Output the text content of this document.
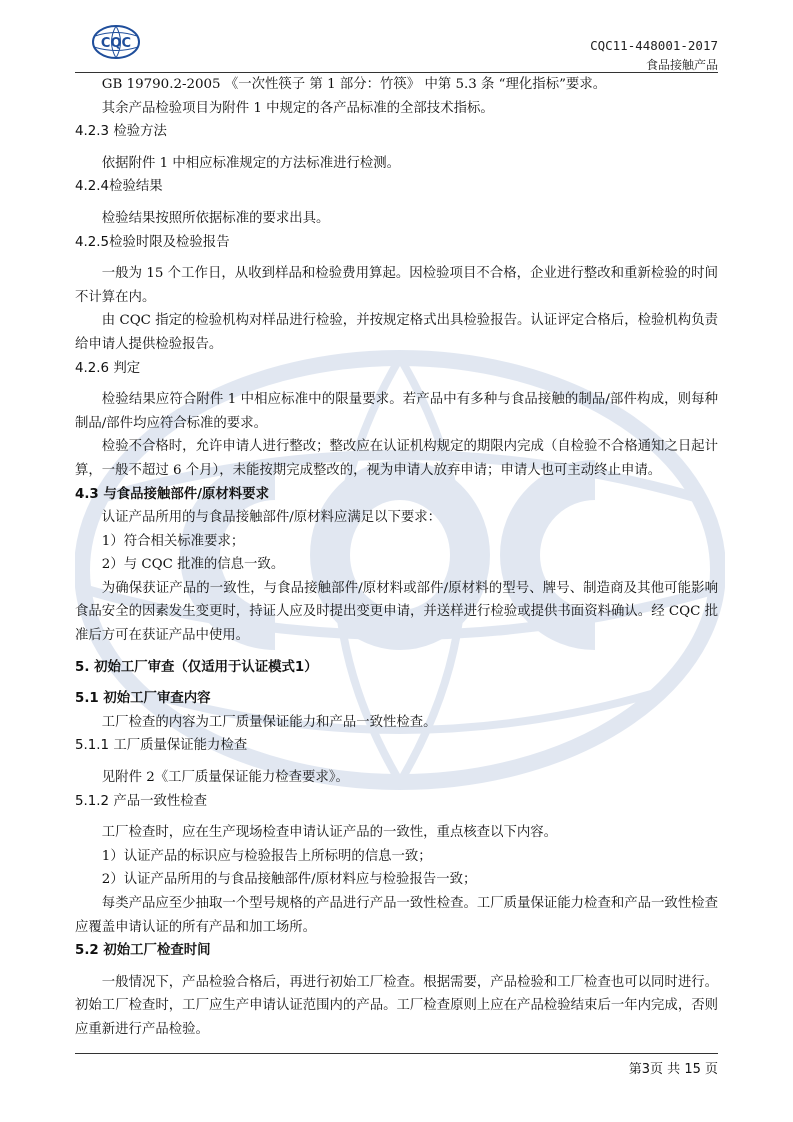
CQC	CQC11-448001-2017
食品接触产品

GB 19790.2-2005 《一次性筷子 第 1 部分：竹筷》 中第 5.3 条 “理化指标”要求。

其余产品检验项目为附件 1 中规定的各产品标准的全部技术指标。

4.2.3 检验方法

依据附件 1 中相应标准规定的方法标准进行检测。

4.2.4检验结果

检验结果按照所依据标准的要求出具。

4.2.5检验时限及检验报告

一般为 15 个工作日，从收到样品和检验费用算起。因检验项目不合格，企业进行整改和重新检验的时间不计算在内。

由 CQC 指定的检验机构对样品进行检验，并按规定格式出具检验报告。认证评定合格后，检验机构负责给申请人提供检验报告。

4.2.6 判定

检验结果应符合附件 1 中相应标准中的限量要求。若产品中有多种与食品接触的制品/部件构成，则每种制品/部件均应符合标准的要求。

检验不合格时，允许申请人进行整改；整改应在认证机构规定的期限内完成（自检验不合格通知之日起计算，一般不超过 6 个月），未能按期完成整改的，视为申请人放弃申请；申请人也可主动终止申请。

4.3 与食品接触部件/原材料要求

认证产品所用的与食品接触部件/原材料应满足以下要求：

1）符合相关标准要求；

2）与 CQC 批准的信息一致。

为确保获证产品的一致性，与食品接触部件/原材料或部件/原材料的型号、牌号、制造商及其他可能影响食品安全的因素发生变更时，持证人应及时提出变更申请，并送样进行检验或提供书面资料确认。经 CQC 批准后方可在获证产品中使用。

5. 初始工厂审查（仅适用于认证模式1）

5.1 初始工厂审查内容

工厂检查的内容为工厂质量保证能力和产品一致性检查。

5.1.1 工厂质量保证能力检查

见附件 2《工厂质量保证能力检查要求》。

5.1.2 产品一致性检查

工厂检查时，应在生产现场检查申请认证产品的一致性，重点核查以下内容。

1）认证产品的标识应与检验报告上所标明的信息一致；

2）认证产品所用的与食品接触部件/原材料应与检验报告一致；

每类产品应至少抽取一个型号规格的产品进行产品一致性检查。工厂质量保证能力检查和产品一致性检查应覆盖申请认证的所有产品和加工场所。

5.2 初始工厂检查时间

一般情况下，产品检验合格后，再进行初始工厂检查。根据需要，产品检验和工厂检查也可以同时进行。初始工厂检查时，工厂应生产申请认证范围内的产品。工厂检查原则上应在产品检验结束后一年内完成，否则应重新进行产品检验。

第3页 共 15 页
